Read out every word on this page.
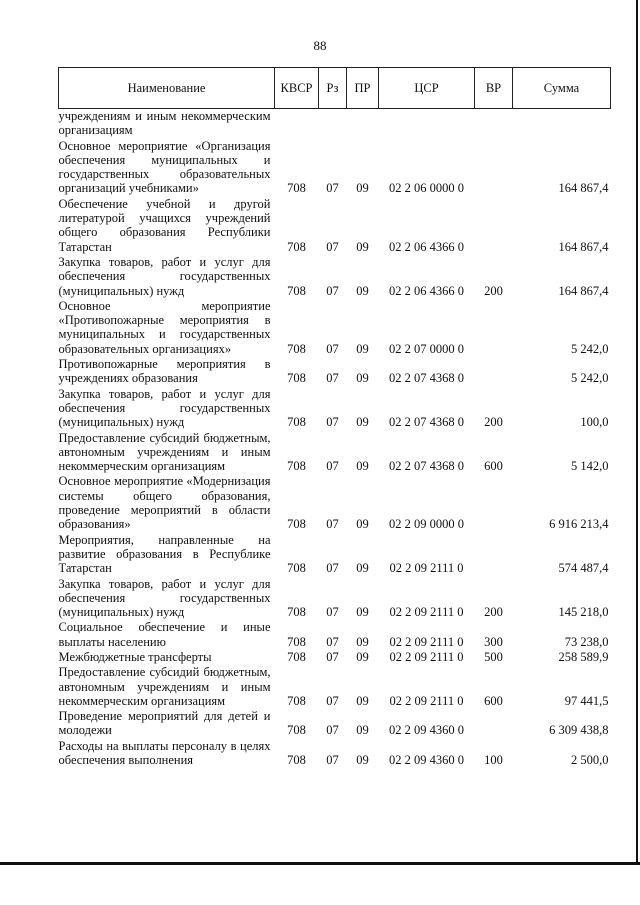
88
Наименование	КВСР	Рз	ПР	ЦСР	ВР	Сумма
учреждениям и иным некоммерческим организациям						
Основное мероприятие «Организация обеспечения муниципальных и государственных образовательных организаций учебниками»	708	07	09	02 2 06 0000 0		164 867,4
Обеспечение учебной и другой литературой учащихся учреждений общего образования Республики Татарстан	708	07	09	02 2 06 4366 0		164 867,4
Закупка товаров, работ и услуг для обеспечения государственных (муниципальных) нужд	708	07	09	02 2 06 4366 0	200	164 867,4
Основное мероприятие «Противопожарные мероприятия в муниципальных и государственных образовательных организациях»	708	07	09	02 2 07 0000 0		5 242,0
Противопожарные мероприятия в учреждениях образования	708	07	09	02 2 07 4368 0		5 242,0
Закупка товаров, работ и услуг для обеспечения государственных (муниципальных) нужд	708	07	09	02 2 07 4368 0	200	100,0
Предоставление субсидий бюджетным, автономным учреждениям и иным некоммерческим организациям	708	07	09	02 2 07 4368 0	600	5 142,0
Основное мероприятие «Модернизация системы общего образования, проведение мероприятий в области образования»	708	07	09	02 2 09 0000 0		6 916 213,4
Мероприятия, направленные на развитие образования в Республике Татарстан	708	07	09	02 2 09 2111 0		574 487,4
Закупка товаров, работ и услуг для обеспечения государственных (муниципальных) нужд	708	07	09	02 2 09 2111 0	200	145 218,0
Социальное обеспечение и иные выплаты населению	708	07	09	02 2 09 2111 0	300	73 238,0
Межбюджетные трансферты	708	07	09	02 2 09 2111 0	500	258 589,9
Предоставление субсидий бюджетным, автономным учреждениям и иным некоммерческим организациям	708	07	09	02 2 09 2111 0	600	97 441,5
Проведение мероприятий для детей и молодежи	708	07	09	02 2 09 4360 0		6 309 438,8
Расходы на выплаты персоналу в целях обеспечения выполнения	708	07	09	02 2 09 4360 0	100	2 500,0
